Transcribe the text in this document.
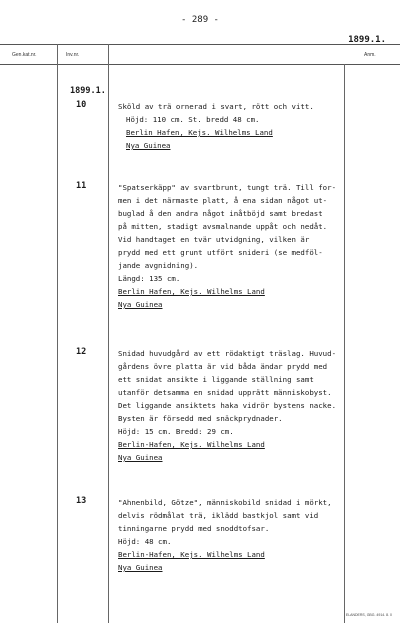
- 289 -
1899.1.
Gen.kat.nr.	Inv.nr.	Anm.
1899.1.
10	Sköld av trä ornerad i svart, rött och vitt.
Höjd: 110 cm. St. bredd 48 cm.
Berlin Hafen, Kejs. Wilhelms Land
Nya Guinea
11	"Spatserkäpp" av svartbrunt, tungt trä. Till for-
men i det närmaste platt, å ena sidan något ut-
buglad å den andra något inåtböjd samt bredast
på mitten, stadigt avsmalnande uppåt och nedåt.
Vid handtaget en tvär utvidgning, vilken är
prydd med ett grunt utfört snideri (se medföl-
jande avgnidning).
Längd: 135 cm.
Berlin Hafen, Kejs. Wilhelms Land
Nya Guinea
12	Snidad huvudgård av ett rödaktigt träslag. Huvud-
gårdens övre platta är vid båda ändar prydd med
ett snidat ansikte i liggande ställning samt
utanför detsamma en snidad upprätt människobyst.
Det liggande ansiktets haka vidrör bystens nacke.
Bysten är försedd med snäckprydnader.
Höjd: 15 cm. Bredd: 29 cm.
Berlin-Hafen, Kejs. Wilhelms Land
Nya Guinea
13	"Ahnenbild, Götze", människobild snidad i mörkt,
delvis rödmålat trä, iklädd bastkjol samt vid
tinningarne prydd med snoddtofsar.
Höjd: 48 cm.
Berlin-Hafen, Kejs. Wilhelms Land
Nya Guinea
ELANDERS, GBG. 4914. 8. 0
